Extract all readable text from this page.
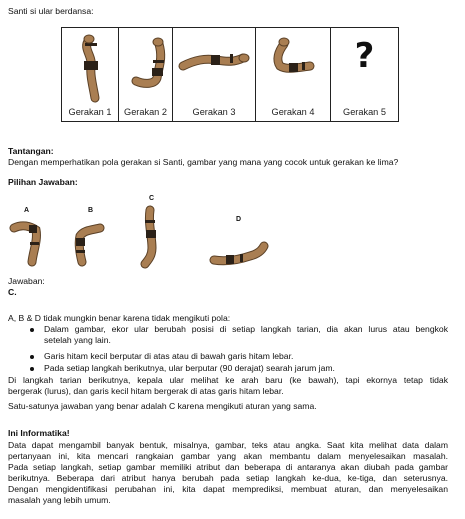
Santi si ular berdansa:
Gerakan 1	Gerakan 2	Gerakan 3	Gerakan 4
?
Gerakan 5
Tantangan:
Dengan memperhatikan pola gerakan si Santi, gambar yang mana yang cocok untuk gerakan ke lima?
Pilihan Jawaban:
A	B
C
D
Jawaban:
C.
A, B & D tidak mungkin benar karena tidak mengikuti pola:
Dalam gambar, ekor ular berubah posisi di setiap langkah tarian, dia akan lurus atau bengkok
setelah yang lain.
Garis hitam kecil berputar di atas atau di bawah garis hitam lebar.
Pada setiap langkah berikutnya, ular berputar (90 derajat) searah jarum jam.
Di langkah tarian berikutnya, kepala ular melihat ke arah baru (ke bawah), tapi ekornya tetap tidak
bergerak (lurus), dan garis kecil hitam bergerak di atas garis hitam lebar.
Satu-satunya jawaban yang benar adalah C karena mengikuti aturan yang sama.
Ini Informatika!
Data dapat mengambil banyak bentuk, misalnya, gambar, teks atau angka. Saat kita melihat data dalam
pertanyaan ini, kita mencari rangkaian gambar yang akan membantu dalam menyelesaikan masalah.
Pada setiap langkah, setiap gambar memiliki atribut dan beberapa di antaranya akan diubah pada gambar
berikutnya. Beberapa dari atribut hanya berubah pada setiap langkah ke-dua, ke-tiga, dan seterusnya.
Dengan mengidentifikasi perubahan ini, kita dapat memprediksi, membuat aturan, dan menyelesaikan
masalah yang lebih umum.
